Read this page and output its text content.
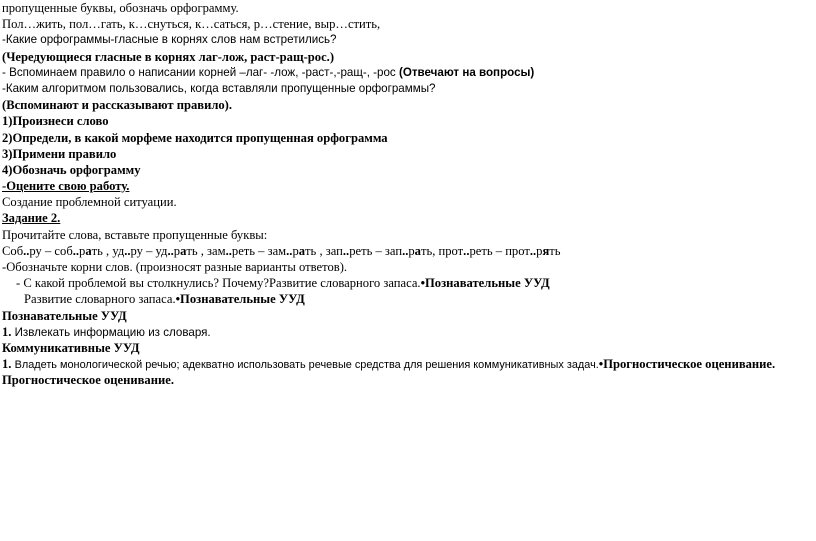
пропущенные буквы, обозначь орфограмму.
Пол…жить, пол…гать, к…снуться, к…саться, р…стение, выр…стить,
-Какие орфограммы-гласные в корнях слов нам встретились?
(Чередующиеся гласные в корнях лаг-лож, раст-ращ-рос.)
- Вспоминаем правило о написании корней –лаг- -лож, -раст-,-ращ-, -рос (Отвечают на вопросы)
-Каким алгоритмом пользовались, когда вставляли пропущенные орфограммы?
(Вспоминают и рассказывают правило).
1)Произнеси слово
2)Определи, в какой морфеме находится пропущенная орфограмма
3)Примени правило
4)Обозначь орфограмму
-Оцените свою работу.
Создание проблемной ситуации.
Задание 2.
Прочитайте слова, вставьте пропущенные буквы:
Соб..ру – соб..рать , уд..ру – уд..рать , зам..реть – зам..рать , зап..реть – зап..рать, прот..реть – прот..рять
-Обозначьте корни слов. (произносят разные варианты ответов).
- С какой проблемой вы столкнулись? Почему?Развитие словарного запаса.•Познавательные УУД
Развитие словарного запаса.•Познавательные УУД
Познавательные УУД
1. Извлекать информацию из словаря.
Коммуникативные УУД
1. Владеть монологической речью; адекватно использовать речевые средства для решения коммуникативных задач.•Прогностическое оценивание.
Прогностическое оценивание.
